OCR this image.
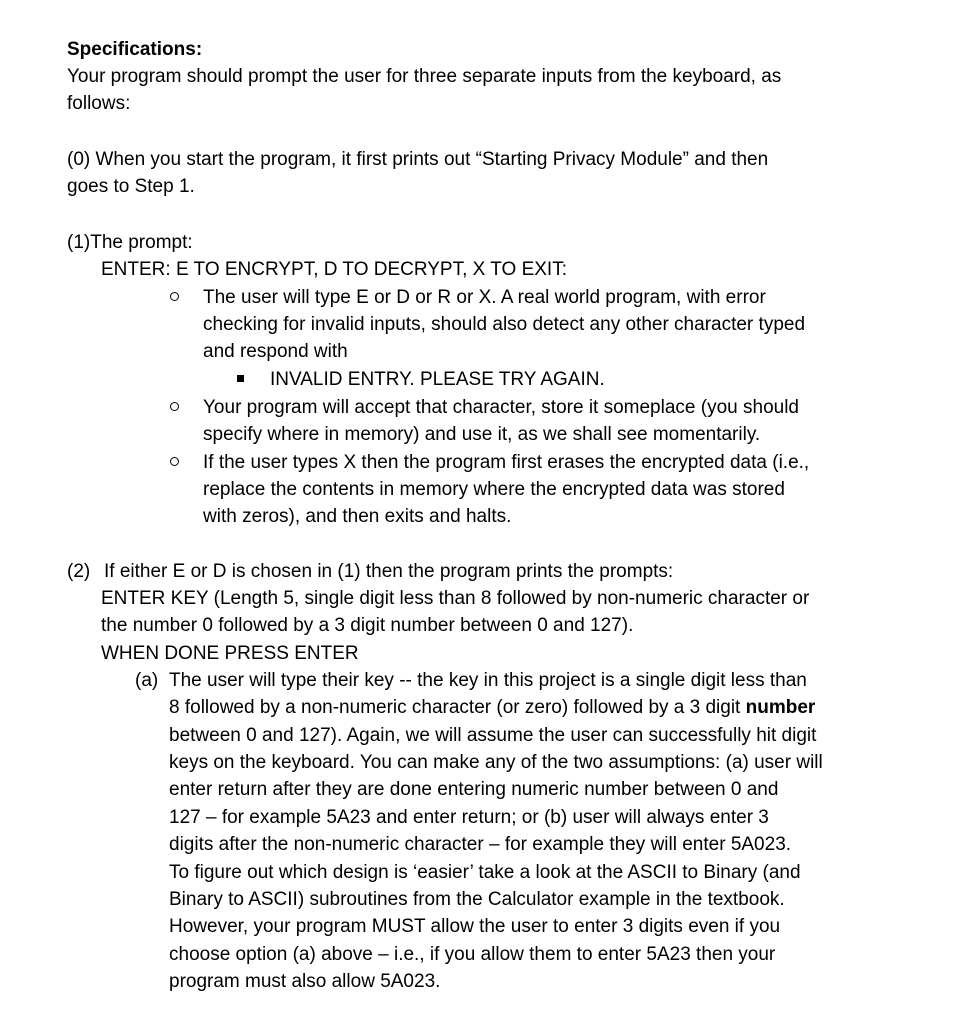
Specifications:
Your program should prompt the user for three separate inputs from the keyboard, as
follows:
(0) When you start the program, it first prints out “Starting Privacy Module” and then
goes to Step 1.
(1)The prompt:
ENTER: E TO ENCRYPT, D TO DECRYPT, X TO EXIT:
The user will type E or D or R or X. A real world program, with error
checking for invalid inputs, should also detect any other character typed
and respond with
INVALID ENTRY. PLEASE TRY AGAIN.
Your program will accept that character, store it someplace (you should
specify where in memory) and use it, as we shall see momentarily.
If the user types X then the program first erases the encrypted data (i.e.,
replace the contents in memory where the encrypted data was stored
with zeros), and then exits and halts.
(2) If either E or D is chosen in (1) then the program prints the prompts:
ENTER KEY (Length 5, single digit less than 8 followed by non-numeric character or
the number 0 followed by a 3 digit number between 0 and 127).
WHEN DONE PRESS ENTER
(a) The user will type their key -- the key in this project is a single digit less than
8 followed by a non-numeric character (or zero) followed by a 3 digit number
between 0 and 127). Again, we will assume the user can successfully hit digit
keys on the keyboard. You can make any of the two assumptions: (a) user will
enter return after they are done entering numeric number between 0 and
127 – for example 5A23 and enter return; or (b) user will always enter 3
digits after the non-numeric character – for example they will enter 5A023.
To figure out which design is ‘easier’ take a look at the ASCII to Binary (and
Binary to ASCII) subroutines from the Calculator example in the textbook.
However, your program MUST allow the user to enter 3 digits even if you
choose option (a) above – i.e., if you allow them to enter 5A23 then your
program must also allow 5A023.
